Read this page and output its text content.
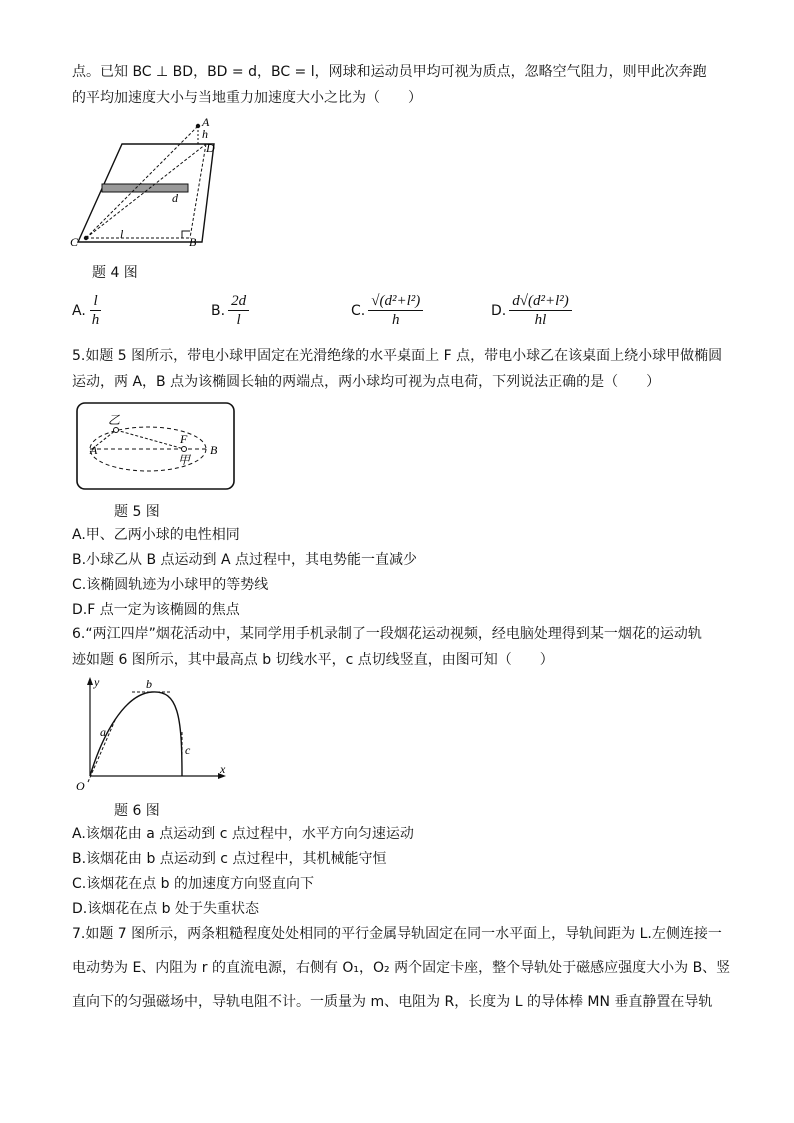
点。已知 BC ⊥ BD，BD = d，BC = l，网球和运动员甲均可视为质点，忽略空气阻力，则甲此次奔跑
的平均加速度大小与当地重力加速度大小之比为（　　）
A
h
D
d
C
l
B
题 4 图
A. $\frac{l}{h}$	B. $\frac{2d}{l}$	C. $\frac{\text{√(d²+l²)}}{h}$	D. $\frac{\text{d√(d²+l²)}}{hl}$
5.如题 5 图所示，带电小球甲固定在光滑绝缘的水平桌面上 F 点，带电小球乙在该桌面上绕小球甲做椭圆
运动，两 A，B 点为该椭圆长轴的两端点，两小球均可视为点电荷，下列说法正确的是（　　）
乙
A
F
B
甲
题 5 图
A.甲、乙两小球的电性相同
B.小球乙从 B 点运动到 A 点过程中，其电势能一直减少
C.该椭圆轨迹为小球甲的等势线
D.F 点一定为该椭圆的焦点
6.“两江四岸”烟花活动中，某同学用手机录制了一段烟花运动视频，经电脑处理得到某一烟花的运动轨
迹如题 6 图所示，其中最高点 b 切线水平，c 点切线竖直，由图可知（　　）
y
x
O
a
b
c
题 6 图
A.该烟花由 a 点运动到 c 点过程中，水平方向匀速运动
B.该烟花由 b 点运动到 c 点过程中，其机械能守恒
C.该烟花在点 b 的加速度方向竖直向下
D.该烟花在点 b 处于失重状态
7.如题 7 图所示，两条粗糙程度处处相同的平行金属导轨固定在同一水平面上，导轨间距为 L.左侧连接一
电动势为 E、内阻为 r 的直流电源，右侧有 O₁，O₂ 两个固定卡座，整个导轨处于磁感应强度大小为 B、竖
直向下的匀强磁场中，导轨电阻不计。一质量为 m、电阻为 R，长度为 L 的导体棒 MN 垂直静置在导轨
